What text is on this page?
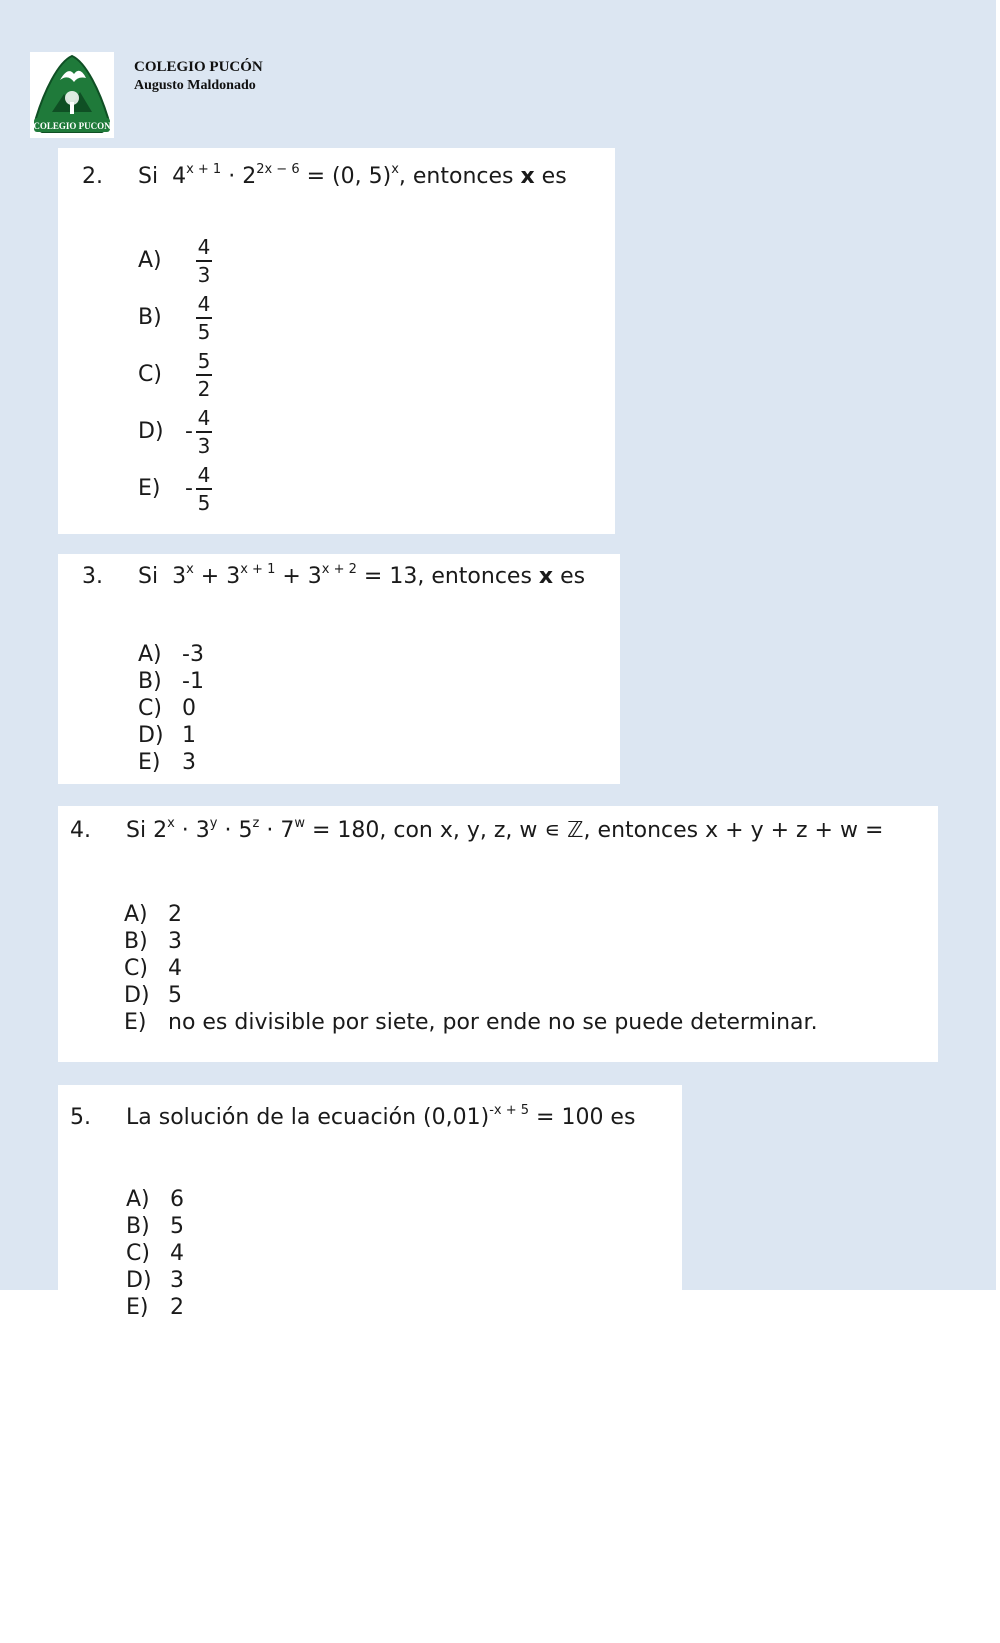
COLEGIO PUCON
COLEGIO PUCÓN
Augusto Maldonado
2. Si $4^{x + 1} \cdot 2^{2x - 6} = (0$, 5)$^x$, entonces x es
$A) \frac{4}{3}$
$B) \frac{4}{5}$
$C) \frac{5}{2}$
$D) - \frac{4}{3}$
$E) - \frac{4}{5}$
3. Si $3^x + 3^{x + 1} + 3^{x + 2} = 13$, entonces x es
A) -3
B) -1
C) 0
D) 1
E) 3
4. Si $2^x \cdot 3^y \cdot 5^z \cdot 7^w = 180$, con x, y, z, w ∊ ℤ, entonces x + y + z + w =
A) 2
B) 3
C) 4
D) 5
E) no es divisible por siete, por ende no se puede determinar.
5. La solución de la ecuación $(0,01)^{-x + 5} = 100$ es
A) 6
B) 5
C) 4
D) 3
E) 2
